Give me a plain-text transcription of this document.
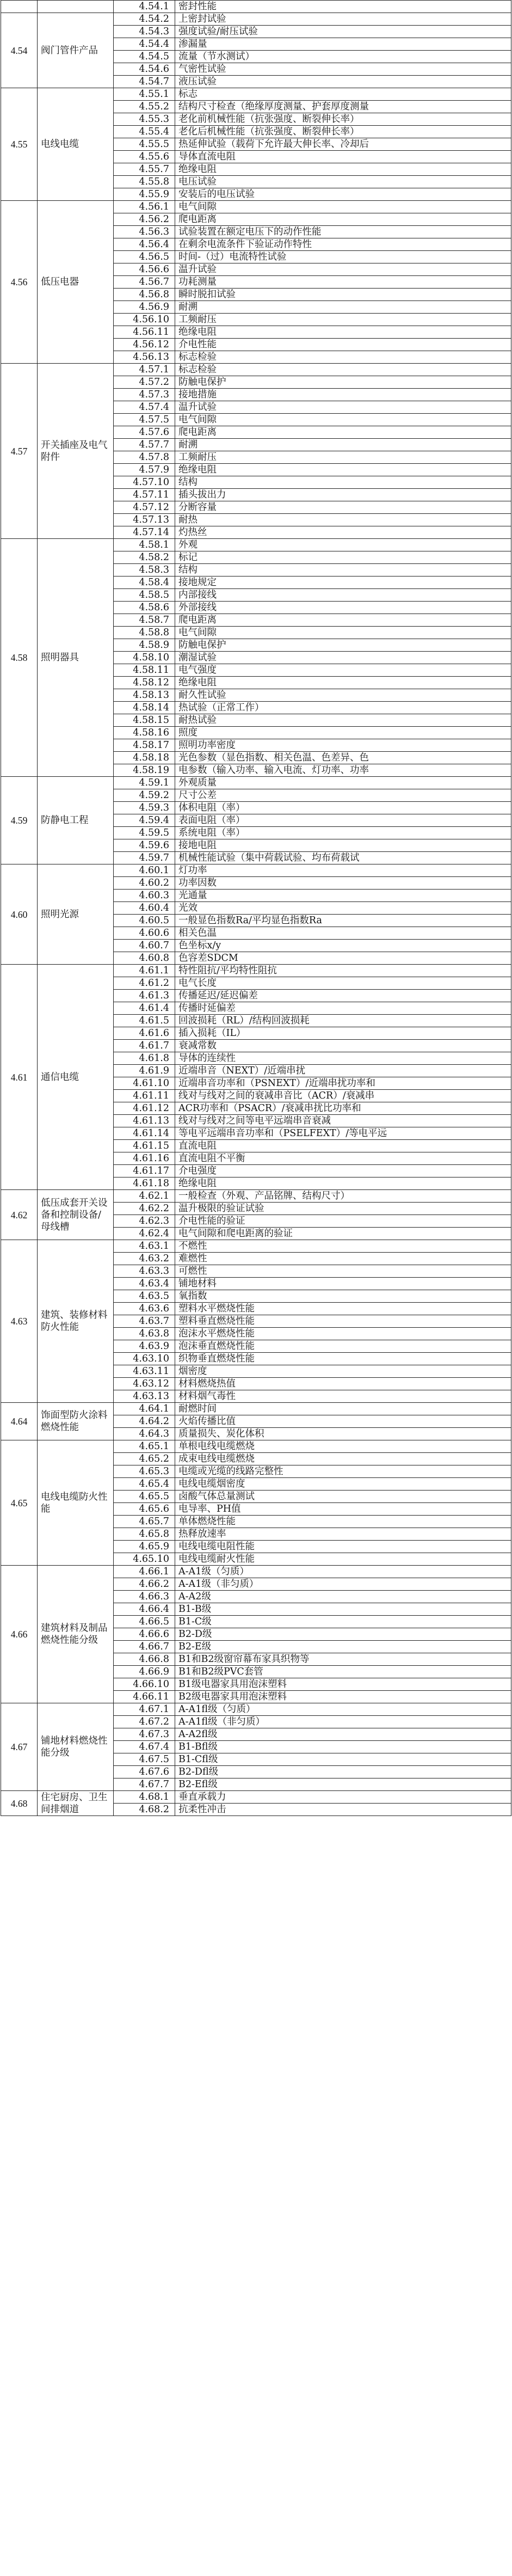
		4.54.1	密封性能
4.54	阀门管件产品	4.54.2	上密封试验
		4.54.3	强度试验/耐压试验
		4.54.4	渗漏量
		4.54.5	流量（节水测试）
		4.54.6	气密性试验
		4.54.7	液压试验
4.55	电线电缆	4.55.1	标志
		4.55.2	结构尺寸检查（绝缘厚度测量、护套厚度测量
		4.55.3	老化前机械性能（抗张强度、断裂伸长率）
		4.55.4	老化后机械性能（抗张强度、断裂伸长率）
		4.55.5	热延伸试验（载荷下允许最大伸长率、冷却后
		4.55.6	导体直流电阻
		4.55.7	绝缘电阻
		4.55.8	电压试验
		4.55.9	安装后的电压试验
4.56	低压电器	4.56.1	电气间隙
		4.56.2	爬电距离
		4.56.3	试验装置在额定电压下的动作性能
		4.56.4	在剩余电流条件下验证动作特性
		4.56.5	时间-（过）电流特性试验
		4.56.6	温升试验
		4.56.7	功耗测量
		4.56.8	瞬时脱扣试验
		4.56.9	耐溯
		4.56.10	工频耐压
		4.56.11	绝缘电阻
		4.56.12	介电性能
		4.56.13	标志检验
4.57	开关插座及电气附件	4.57.1	标志检验
		4.57.2	防触电保护
		4.57.3	接地措施
		4.57.4	温升试验
		4.57.5	电气间隙
		4.57.6	爬电距离
		4.57.7	耐溯
		4.57.8	工频耐压
		4.57.9	绝缘电阻
		4.57.10	结构
		4.57.11	插头拔出力
		4.57.12	分断容量
		4.57.13	耐热
		4.57.14	灼热丝
4.58	照明器具	4.58.1	外观
		4.58.2	标记
		4.58.3	结构
		4.58.4	接地规定
		4.58.5	内部接线
		4.58.6	外部接线
		4.58.7	爬电距离
		4.58.8	电气间隙
		4.58.9	防触电保护
		4.58.10	潮湿试验
		4.58.11	电气强度
		4.58.12	绝缘电阻
		4.58.13	耐久性试验
		4.58.14	热试验（正常工作）
		4.58.15	耐热试验
		4.58.16	照度
		4.58.17	照明功率密度
		4.58.18	光色参数（显色指数、相关色温、色差异、色
		4.58.19	电参数（输入功率、输入电流、灯功率、功率
4.59	防静电工程	4.59.1	外观质量
		4.59.2	尺寸公差
		4.59.3	体积电阻（率）
		4.59.4	表面电阻（率）
		4.59.5	系统电阻（率）
		4.59.6	接地电阻
		4.59.7	机械性能试验（集中荷载试验、均布荷载试
4.60	照明光源	4.60.1	灯功率
		4.60.2	功率因数
		4.60.3	光通量
		4.60.4	光效
		4.60.5	一般显色指数Ra/平均显色指数Ra
		4.60.6	相关色温
		4.60.7	色坐标x/y
		4.60.8	色容差SDCM
4.61	通信电缆	4.61.1	特性阻抗/平均特性阻抗
		4.61.2	电气长度
		4.61.3	传播延迟/延迟偏差
		4.61.4	传播时延偏差
		4.61.5	回波损耗（RL）/结构回波损耗
		4.61.6	插入损耗（IL）
		4.61.7	衰减常数
		4.61.8	导体的连续性
		4.61.9	近端串音（NEXT）/近端串扰
		4.61.10	近端串音功率和（PSNEXT）/近端串扰功率和
		4.61.11	线对与线对之间的衰减串音比（ACR）/衰减串
		4.61.12	ACR功率和（PSACR）/衰减串扰比功率和
		4.61.13	线对与线对之间等电平远端串音衰减
		4.61.14	等电平远端串音功率和（PSELFEXT）/等电平远
		4.61.15	直流电阻
		4.61.16	直流电阻不平衡
		4.61.17	介电强度
		4.61.18	绝缘电阻
4.62	低压成套开关设备和控制设备/母线槽	4.62.1	一般检查（外观、产品铭牌、结构尺寸）
		4.62.2	温升极限的验证试验
		4.62.3	介电性能的验证
		4.62.4	电气间隙和爬电距离的验证
4.63	建筑、装修材料防火性能	4.63.1	不燃性
		4.63.2	难燃性
		4.63.3	可燃性
		4.63.4	铺地材料
		4.63.5	氧指数
		4.63.6	塑料水平燃烧性能
		4.63.7	塑料垂直燃烧性能
		4.63.8	泡沫水平燃烧性能
		4.63.9	泡沫垂直燃烧性能
		4.63.10	织物垂直燃烧性能
		4.63.11	烟密度
		4.63.12	材料燃烧热值
		4.63.13	材料烟气毒性
4.64	饰面型防火涂料燃烧性能	4.64.1	耐燃时间
		4.64.2	火焰传播比值
		4.64.3	质量损失、炭化体积
4.65	电线电缆防火性能	4.65.1	单根电线电缆燃烧
		4.65.2	成束电线电缆燃烧
		4.65.3	电缆或光缆的线路完整性
		4.65.4	电线电缆烟密度
		4.65.5	卤酸气体总量测试
		4.65.6	电导率、PH值
		4.65.7	单体燃烧性能
		4.65.8	热释放速率
		4.65.9	电线电缆电阻性能
		4.65.10	电线电缆耐火性能
4.66	建筑材料及制品燃烧性能分级	4.66.1	A-A1级（匀质）
		4.66.2	A-A1级（非匀质）
		4.66.3	A-A2级
		4.66.4	B1-B级
		4.66.5	B1-C级
		4.66.6	B2-D级
		4.66.7	B2-E级
		4.66.8	B1和B2级窗帘幕布家具织物等
		4.66.9	B1和B2级PVC套管
		4.66.10	B1级电器家具用泡沫塑料
		4.66.11	B2级电器家具用泡沫塑料
4.67	铺地材料燃烧性能分级	4.67.1	A-A1fl级（匀质）
		4.67.2	A-A1fl级（非匀质）
		4.67.3	A-A2fl级
		4.67.4	B1-Bfl级
		4.67.5	B1-Cfl级
		4.67.6	B2-Dfl级
		4.67.7	B2-Efl级
4.68	住宅厨房、卫生间排烟道	4.68.1	垂直承载力
		4.68.2	抗柔性冲击
